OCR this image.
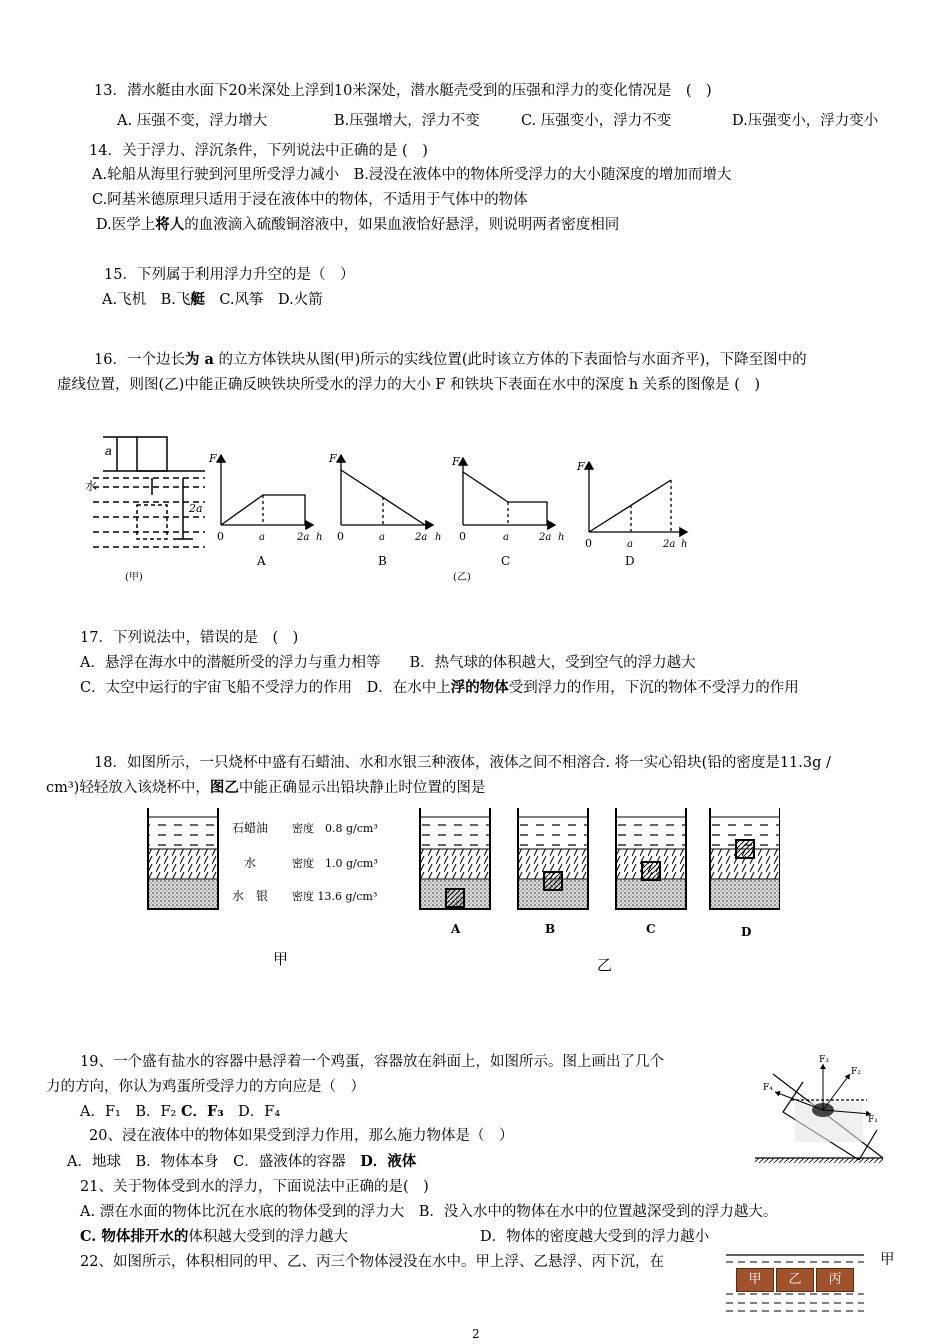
13．潜水艇由水面下20米深处上浮到10米深处，潜水艇壳受到的压强和浮力的变化情况是　(　)
A. 压强不变，浮力增大	B.压强增大，浮力不变	C. 压强变小，浮力不变	D.压强变小，浮力变小
14．关于浮力、浮沉条件，下列说法中正确的是 (　)
A.轮船从海里行驶到河里所受浮力减小　B.浸没在液体中的物体所受浮力的大小随深度的增加而增大
C.阿基米德原理只适用于浸在液体中的物体，不适用于气体中的物体
D.医学上将人的血液滴入硫酸铜溶液中，如果血液恰好悬浮，则说明两者密度相同
15．下列属于利用浮力升空的是（　）
A.飞机　 B.飞艇　 C.风筝　 D.火箭
16．一个边长为 a 的立方体铁块从图(甲)所示的实线位置(此时该立方体的下表面恰与水面齐平)，下降至图中的
虚线位置，则图(乙)中能正确反映铁块所受水的浮力的大小 F 和铁块下表面在水中的深度 h 关系的图像是 (　)
a
水
2a
(甲)
F
0	a	2a h
A
F
0	a	2a h
B
F
0	a	2a h
C
(乙)
F
0	a	2a h
D
17．下列说法中，错误的是　(　)
A．悬浮在海水中的潜艇所受的浮力与重力相等　　B．热气球的体积越大，受到空气的浮力越大
C．太空中运行的宇宙飞船不受浮力的作用　D．在水中上浮的物体受到浮力的作用，下沉的物体不受浮力的作用
18．如图所示，一只烧杯中盛有石蜡油、水和水银三种液体，液体之间不相溶合. 将一实心铅块(铅的密度是11.3g /
cm³)轻轻放入该烧杯中，图乙中能正确显示出铅块静止时位置的图是
石蜡油
水
水　银
密度　0.8 g/cm³
密度　1.0 g/cm³
密度 13.6 g/cm³
A	B	C	D
甲	乙
19、一个盛有盐水的容器中悬浮着一个鸡蛋，容器放在斜面上，如图所示。图上画出了几个
力的方向，你认为鸡蛋所受浮力的方向应是（　）
A．F₁　B．F₂ C．F₃　D．F₄
F₃
F₂
F₄
F₁
20、浸在液体中的物体如果受到浮力作用，那么施力物体是（　）
A．地球　B．物体本身　C．盛液体的容器　D．液体
21、关于物体受到水的浮力，下面说法中正确的是(　)
A. 漂在水面的物体比沉在水底的物体受到的浮力大　B．没入水中的物体在水中的位置越深受到的浮力越大。
C. 物体排开水的体积越大受到的浮力越大	D．物体的密度越大受到的浮力越小
22、如图所示，体积相同的甲、乙、丙三个物体浸没在水中。甲上浮、乙悬浮、丙下沉，在	甲
甲	乙	丙
2
